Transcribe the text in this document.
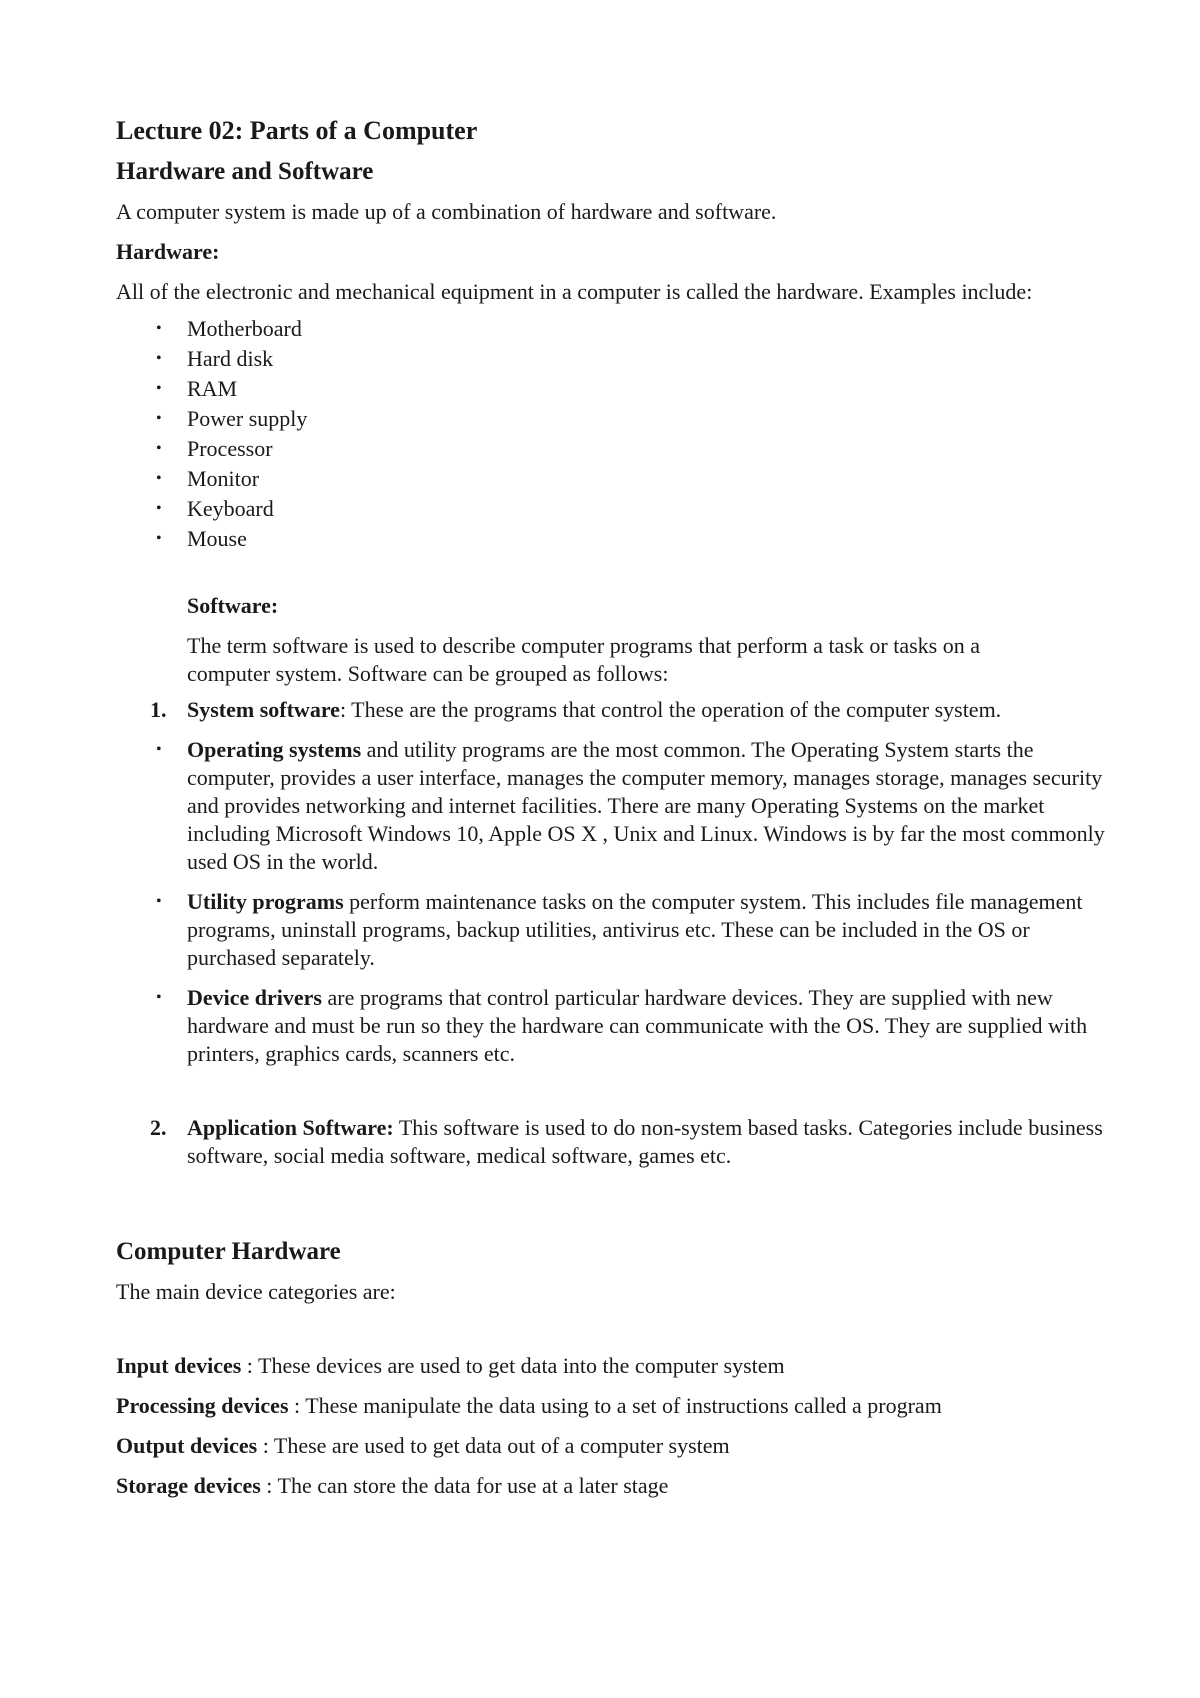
Lecture 02: Parts of a Computer
Hardware and Software

A computer system is made up of a combination of hardware and software.

Hardware:

All of the electronic and mechanical equipment in a computer is called the hardware. Examples include:

• Motherboard
• Hard disk
• RAM
• Power supply
• Processor
• Monitor
• Keyboard
• Mouse

Software:

The term software is used to describe computer programs that perform a task or tasks on a computer system. Software can be grouped as follows:

1. System software: These are the programs that control the operation of the computer system.
• Operating systems and utility programs are the most common. The Operating System starts the computer, provides a user interface, manages the computer memory, manages storage, manages security and provides networking and internet facilities. There are many Operating Systems on the market including Microsoft Windows 10, Apple OS X , Unix and Linux. Windows is by far the most commonly used OS in the world.
• Utility programs perform maintenance tasks on the computer system. This includes file management programs, uninstall programs, backup utilities, antivirus etc. These can be included in the OS or purchased separately.
• Device drivers are programs that control particular hardware devices. They are supplied with new hardware and must be run so they the hardware can communicate with the OS. They are supplied with printers, graphics cards, scanners etc.
2. Application Software: This software is used to do non-system based tasks. Categories include business software, social media software, medical software, games etc.
Computer Hardware

The main device categories are:

Input devices : These devices are used to get data into the computer system

Processing devices : These manipulate the data using to a set of instructions called a program

Output devices : These are used to get data out of a computer system

Storage devices : The can store the data for use at a later stage
